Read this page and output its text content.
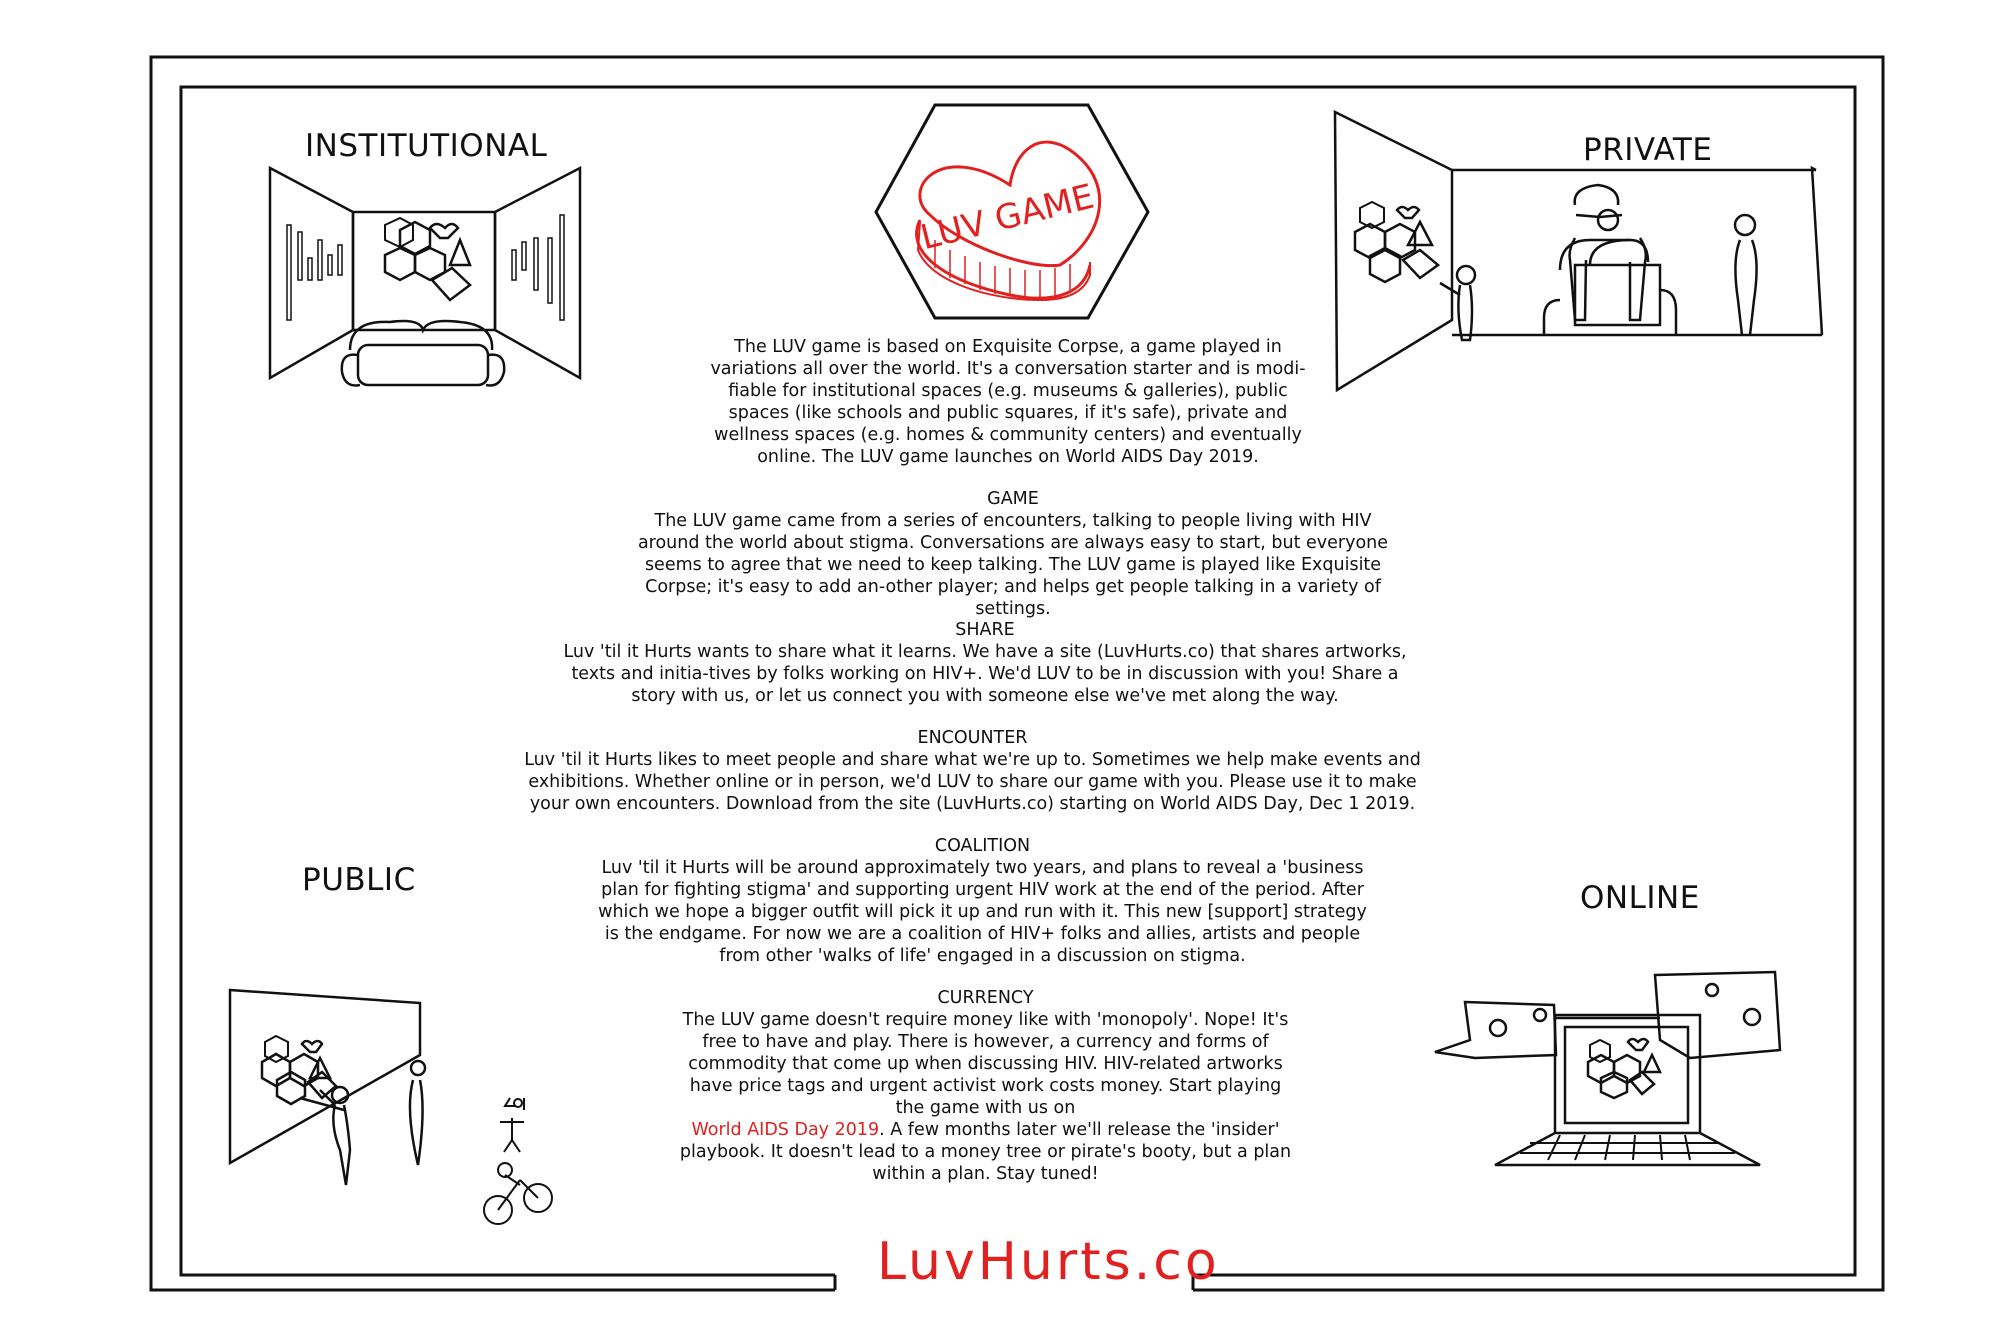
LUV GAME
INSTITUTIONAL	PRIVATE
PUBLIC	ONLINE

The LUV game is based on Exquisite Corpse, a game played in variations all over the world. It's a conversation starter and is modi-fiable for institutional spaces (e.g. museums & galleries), public spaces (like schools and public squares, if it's safe), private and wellness spaces (e.g. homes & community centers) and eventually online. The LUV game launches on World AIDS Day 2019.

GAME

The LUV game came from a series of encounters, talking to people living with HIV around the world about stigma. Conversations are always easy to start, but everyone seems to agree that we need to keep talking. The LUV game is played like Exquisite Corpse; it's easy to add an-other player; and helps get people talking in a variety of settings.

SHARE

Luv 'til it Hurts wants to share what it learns. We have a site (LuvHurts.co) that shares artworks, texts and initia-tives by folks working on HIV+. We'd LUV to be in discussion with you! Share a story with us, or let us connect you with someone else we've met along the way.

ENCOUNTER

Luv 'til it Hurts likes to meet people and share what we're up to. Sometimes we help make events and exhibitions. Whether online or in person, we'd LUV to share our game with you. Please use it to make your own encounters. Download from the site (LuvHurts.co) starting on World AIDS Day, Dec 1 2019.

COALITION

Luv 'til it Hurts will be around approximately two years, and plans to reveal a 'business plan for fighting stigma' and supporting urgent HIV work at the end of the period. After which we hope a bigger outfit will pick it up and run with it. This new [support] strategy is the endgame. For now we are a coalition of HIV+ folks and allies, artists and people from other 'walks of life' engaged in a discussion on stigma.

CURRENCY

The LUV game doesn't require money like with 'monopoly'. Nope! It's free to have and play. There is however, a currency and forms of commodity that come up when discussing HIV. HIV-related artworks have price tags and urgent activist work costs money. Start playing the game with us on
World AIDS Day 2019. A few months later we'll release the 'insider' playbook. It doesn't lead to a money tree or pirate's booty, but a plan within a plan. Stay tuned!

LuvHurts.co
